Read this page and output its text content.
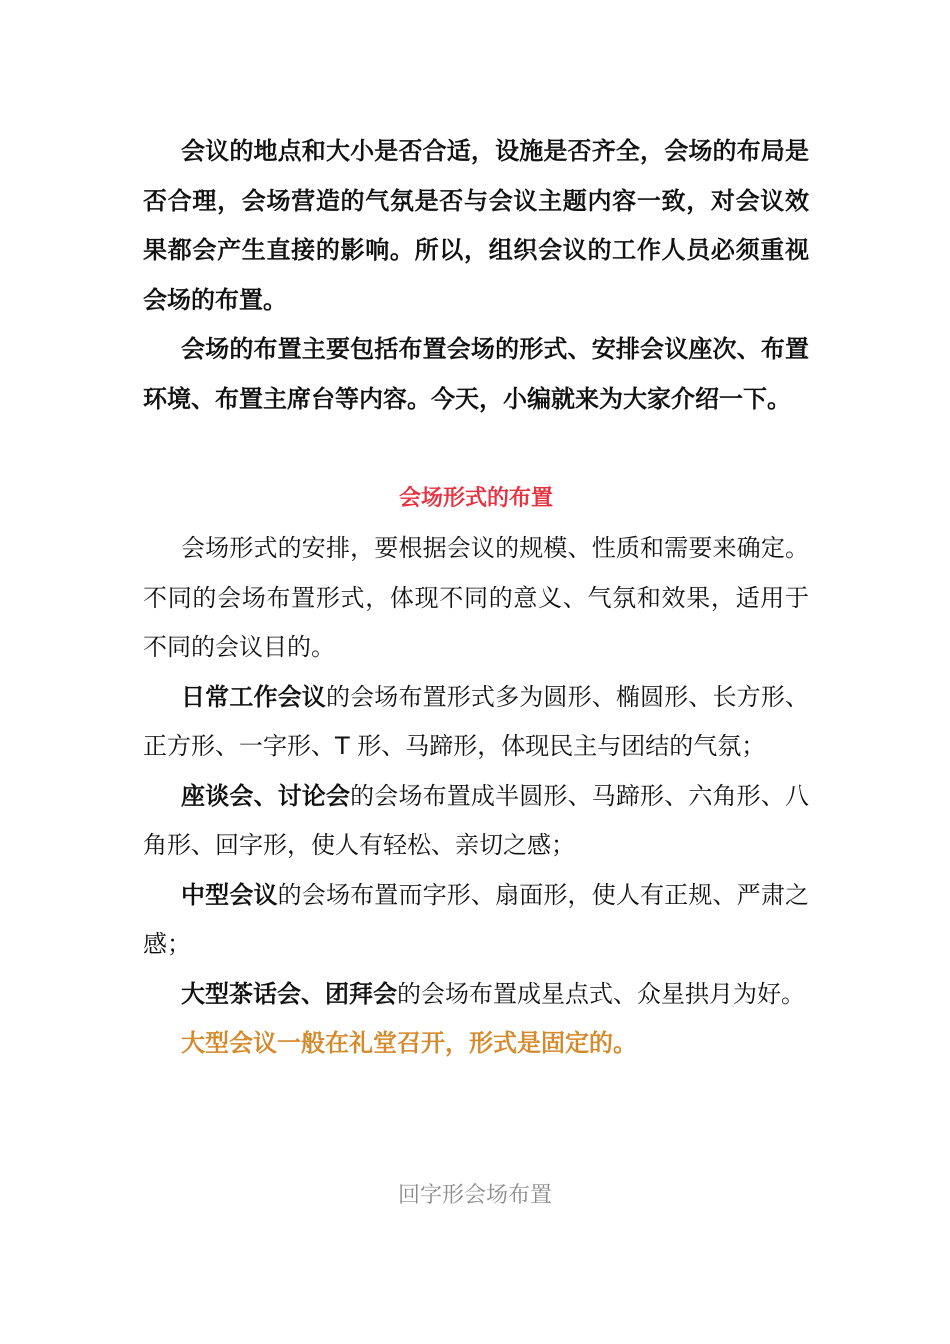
会议的地点和大小是否合适，设施是否齐全，会场的布局是否合理，会场营造的气氛是否与会议主题内容一致，对会议效果都会产生直接的影响。所以，组织会议的工作人员必须重视会场的布置。

会场的布置主要包括布置会场的形式、安排会议座次、布置环境、布置主席台等内容。今天，小编就来为大家介绍一下。

会场形式的布置

会场形式的安排，要根据会议的规模、性质和需要来确定。不同的会场布置形式，体现不同的意义、气氛和效果，适用于不同的会议目的。

日常工作会议的会场布置形式多为圆形、椭圆形、长方形、正方形、一字形、T 形、马蹄形，体现民主与团结的气氛；

座谈会、讨论会的会场布置成半圆形、马蹄形、六角形、八角形、回字形，使人有轻松、亲切之感；

中型会议的会场布置而字形、扇面形，使人有正规、严肃之感；

大型茶话会、团拜会的会场布置成星点式、众星拱月为好。

大型会议一般在礼堂召开，形式是固定的。

回字形会场布置
